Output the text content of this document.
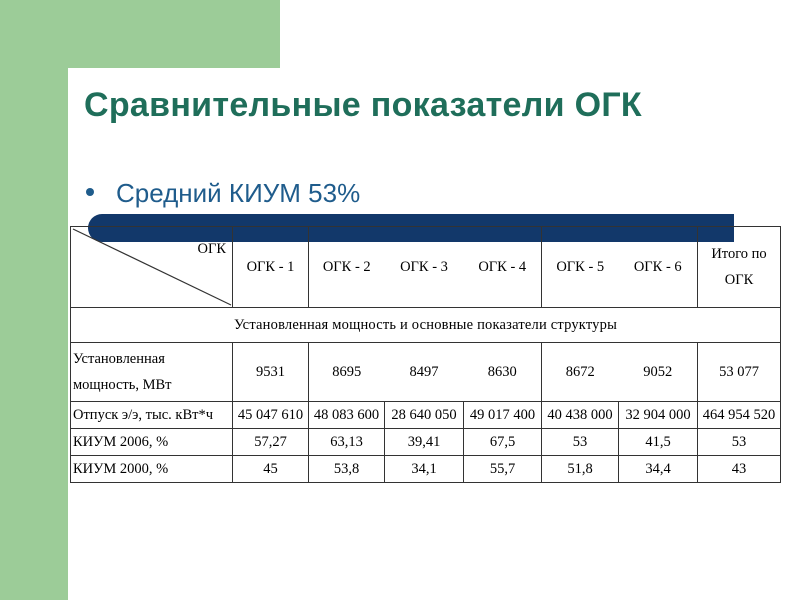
Сравнительные показатели ОГК
Средний КИУМ 53%
ОГК	ОГК - 1	ОГК - 2	ОГК - 3	ОГК - 4	ОГК - 5	ОГК - 6	Итого по ОГК
Установленная мощность и основные показатели структуры							
Установленная мощность, МВт	9531	8695	8497	8630	8672	9052	53 077
Отпуск э/э, тыс. кВт*ч	45 047 610	48 083 600	28 640 050	49 017 400	40 438 000	32 904 000	464 954 520
КИУМ 2006, %	57,27	63,13	39,41	67,5	53	41,5	53
КИУМ 2000, %	45	53,8	34,1	55,7	51,8	34,4	43
